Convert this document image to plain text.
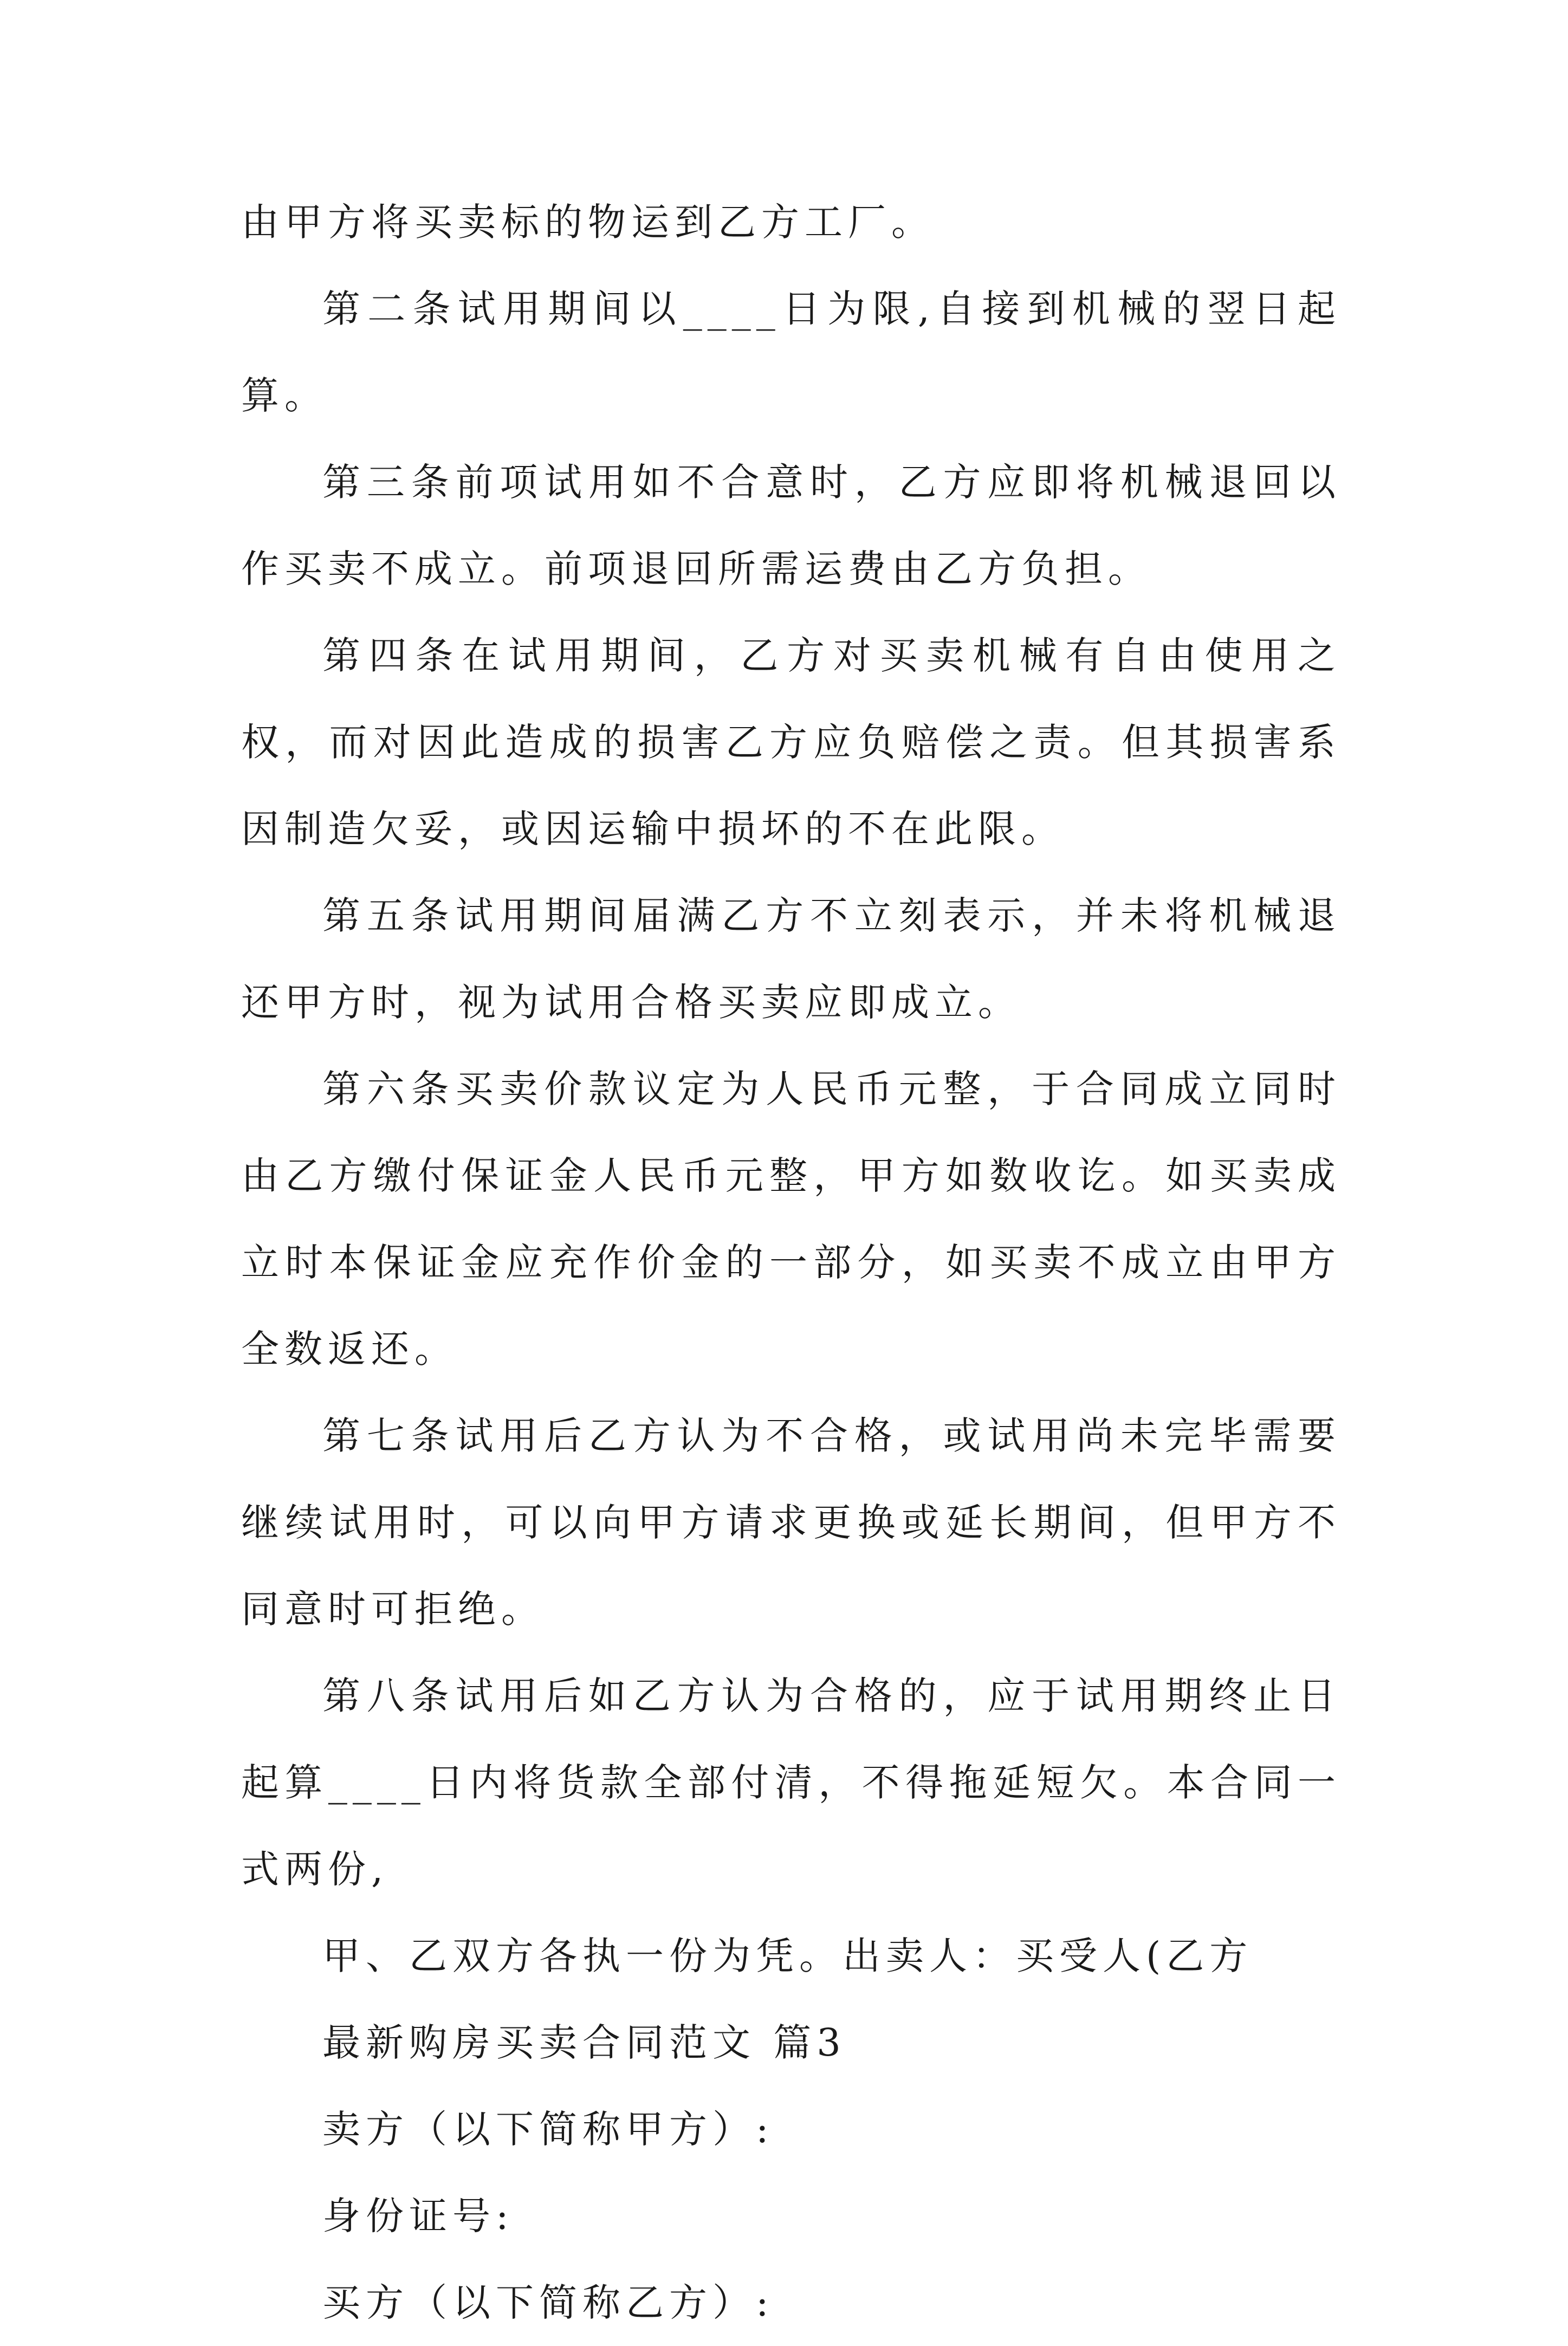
由甲方将买卖标的物运到乙方工厂。

第二条试用期间以____日为限,自接到机械的翌日起算。

第三条前项试用如不合意时，乙方应即将机械退回以作买卖不成立。前项退回所需运费由乙方负担。

第四条在试用期间，乙方对买卖机械有自由使用之权，而对因此造成的损害乙方应负赔偿之责。但其损害系因制造欠妥，或因运输中损坏的不在此限。

第五条试用期间届满乙方不立刻表示，并未将机械退还甲方时，视为试用合格买卖应即成立。

第六条买卖价款议定为人民币元整，于合同成立同时由乙方缴付保证金人民币元整，甲方如数收讫。如买卖成立时本保证金应充作价金的一部分，如买卖不成立由甲方全数返还。

第七条试用后乙方认为不合格，或试用尚未完毕需要继续试用时，可以向甲方请求更换或延长期间，但甲方不同意时可拒绝。

第八条试用后如乙方认为合格的，应于试用期终止日起算____日内将货款全部付清，不得拖延短欠。本合同一式两份,

甲、乙双方各执一份为凭。出卖人：买受人(乙方

最新购房买卖合同范文 篇3

卖方（以下简称甲方）:

身份证号:

买方（以下简称乙方）:
